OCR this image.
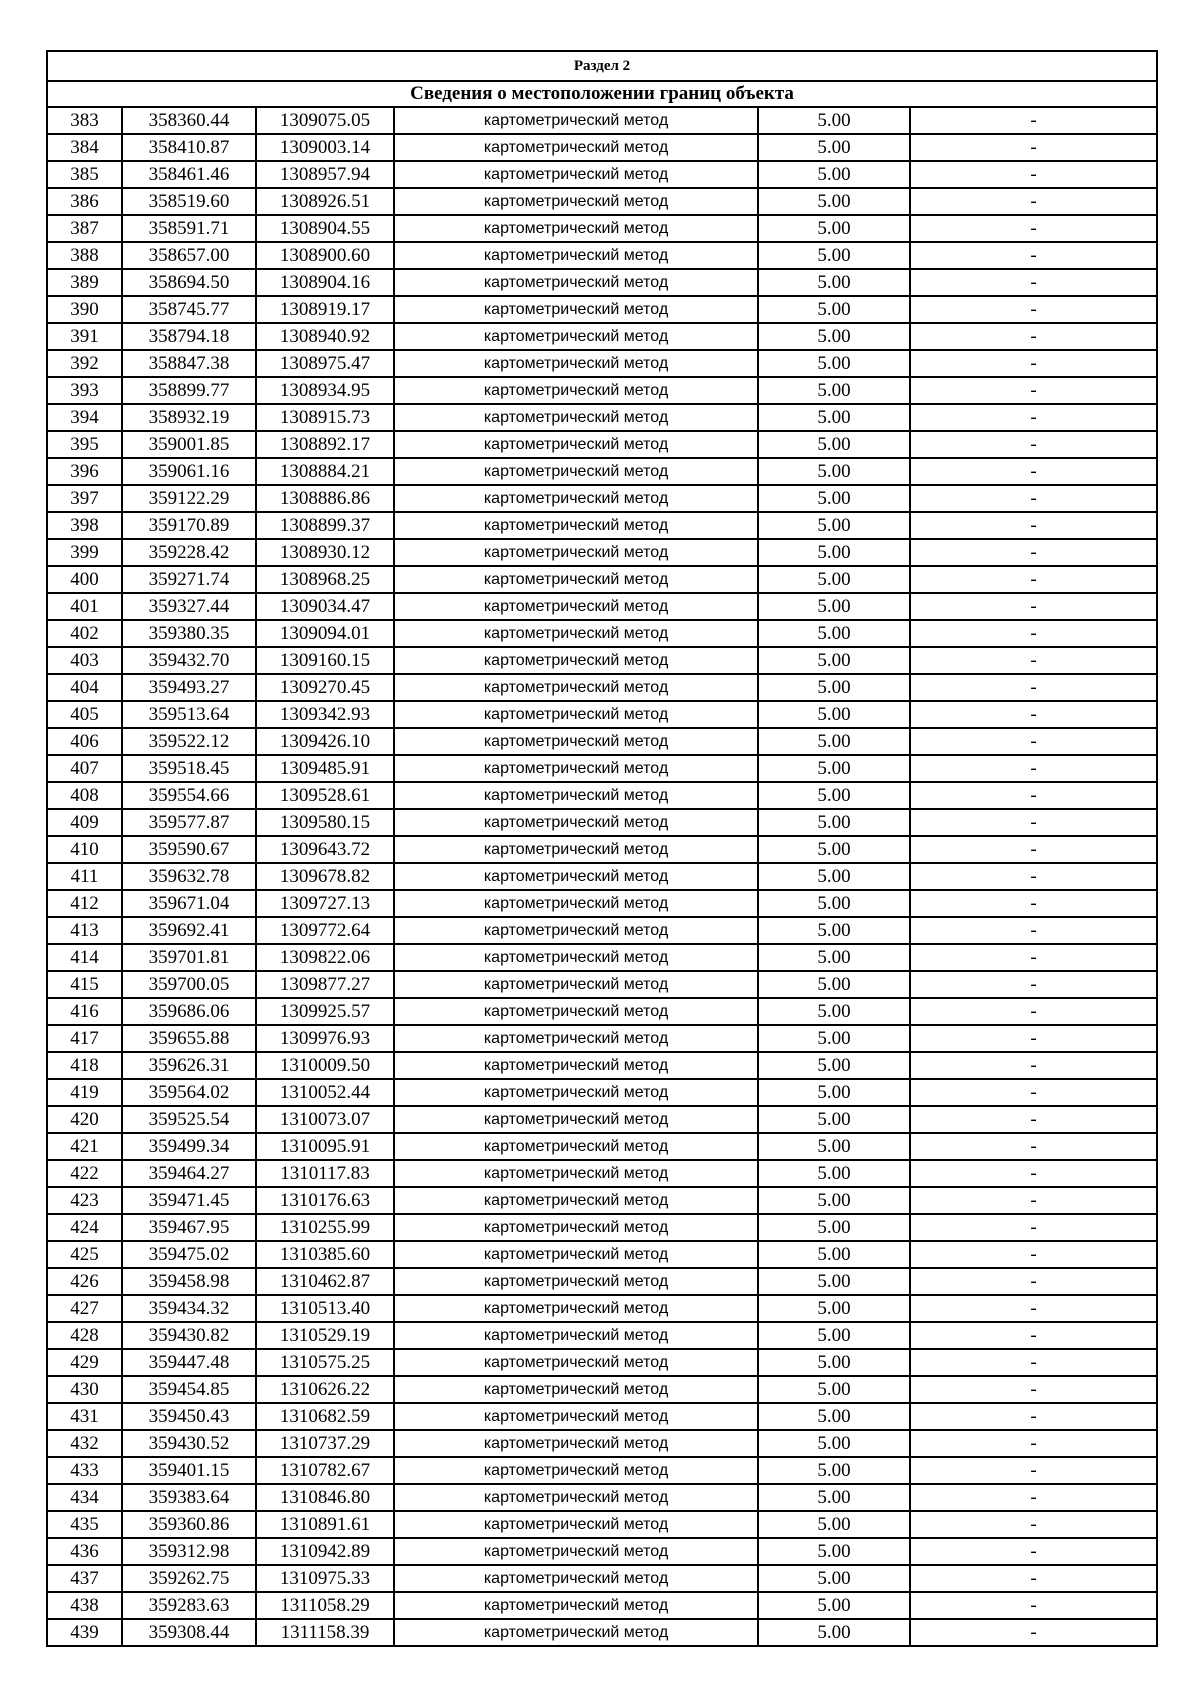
Раздел 2					
Сведения о местоположении границ объекта					
383	358360.44	1309075.05	картометрический метод	5.00	-
384	358410.87	1309003.14	картометрический метод	5.00	-
385	358461.46	1308957.94	картометрический метод	5.00	-
386	358519.60	1308926.51	картометрический метод	5.00	-
387	358591.71	1308904.55	картометрический метод	5.00	-
388	358657.00	1308900.60	картометрический метод	5.00	-
389	358694.50	1308904.16	картометрический метод	5.00	-
390	358745.77	1308919.17	картометрический метод	5.00	-
391	358794.18	1308940.92	картометрический метод	5.00	-
392	358847.38	1308975.47	картометрический метод	5.00	-
393	358899.77	1308934.95	картометрический метод	5.00	-
394	358932.19	1308915.73	картометрический метод	5.00	-
395	359001.85	1308892.17	картометрический метод	5.00	-
396	359061.16	1308884.21	картометрический метод	5.00	-
397	359122.29	1308886.86	картометрический метод	5.00	-
398	359170.89	1308899.37	картометрический метод	5.00	-
399	359228.42	1308930.12	картометрический метод	5.00	-
400	359271.74	1308968.25	картометрический метод	5.00	-
401	359327.44	1309034.47	картометрический метод	5.00	-
402	359380.35	1309094.01	картометрический метод	5.00	-
403	359432.70	1309160.15	картометрический метод	5.00	-
404	359493.27	1309270.45	картометрический метод	5.00	-
405	359513.64	1309342.93	картометрический метод	5.00	-
406	359522.12	1309426.10	картометрический метод	5.00	-
407	359518.45	1309485.91	картометрический метод	5.00	-
408	359554.66	1309528.61	картометрический метод	5.00	-
409	359577.87	1309580.15	картометрический метод	5.00	-
410	359590.67	1309643.72	картометрический метод	5.00	-
411	359632.78	1309678.82	картометрический метод	5.00	-
412	359671.04	1309727.13	картометрический метод	5.00	-
413	359692.41	1309772.64	картометрический метод	5.00	-
414	359701.81	1309822.06	картометрический метод	5.00	-
415	359700.05	1309877.27	картометрический метод	5.00	-
416	359686.06	1309925.57	картометрический метод	5.00	-
417	359655.88	1309976.93	картометрический метод	5.00	-
418	359626.31	1310009.50	картометрический метод	5.00	-
419	359564.02	1310052.44	картометрический метод	5.00	-
420	359525.54	1310073.07	картометрический метод	5.00	-
421	359499.34	1310095.91	картометрический метод	5.00	-
422	359464.27	1310117.83	картометрический метод	5.00	-
423	359471.45	1310176.63	картометрический метод	5.00	-
424	359467.95	1310255.99	картометрический метод	5.00	-
425	359475.02	1310385.60	картометрический метод	5.00	-
426	359458.98	1310462.87	картометрический метод	5.00	-
427	359434.32	1310513.40	картометрический метод	5.00	-
428	359430.82	1310529.19	картометрический метод	5.00	-
429	359447.48	1310575.25	картометрический метод	5.00	-
430	359454.85	1310626.22	картометрический метод	5.00	-
431	359450.43	1310682.59	картометрический метод	5.00	-
432	359430.52	1310737.29	картометрический метод	5.00	-
433	359401.15	1310782.67	картометрический метод	5.00	-
434	359383.64	1310846.80	картометрический метод	5.00	-
435	359360.86	1310891.61	картометрический метод	5.00	-
436	359312.98	1310942.89	картометрический метод	5.00	-
437	359262.75	1310975.33	картометрический метод	5.00	-
438	359283.63	1311058.29	картометрический метод	5.00	-
439	359308.44	1311158.39	картометрический метод	5.00	-
